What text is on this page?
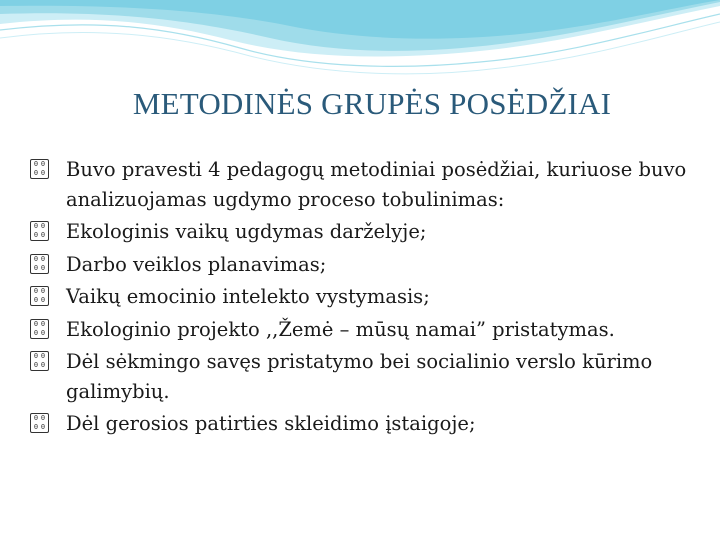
METODINĖS GRUPĖS POSĖDŽIAI
0 0
0 0 Buvo pravesti 4 pedagogų metodiniai posėdžiai, kuriuose buvo analizuojamas ugdymo proceso tobulinimas:
0 0
0 0 Ekologinis vaikų ugdymas darželyje;
0 0
0 0 Darbo veiklos planavimas;
0 0
0 0 Vaikų emocinio intelekto vystymasis;
0 0
0 0 Ekologinio projekto ,,Žemė – mūsų namai” pristatymas.
0 0
0 0 Dėl sėkmingo savęs pristatymo bei socialinio verslo kūrimo galimybių.
0 0
0 0 Dėl gerosios patirties skleidimo įstaigoje;
